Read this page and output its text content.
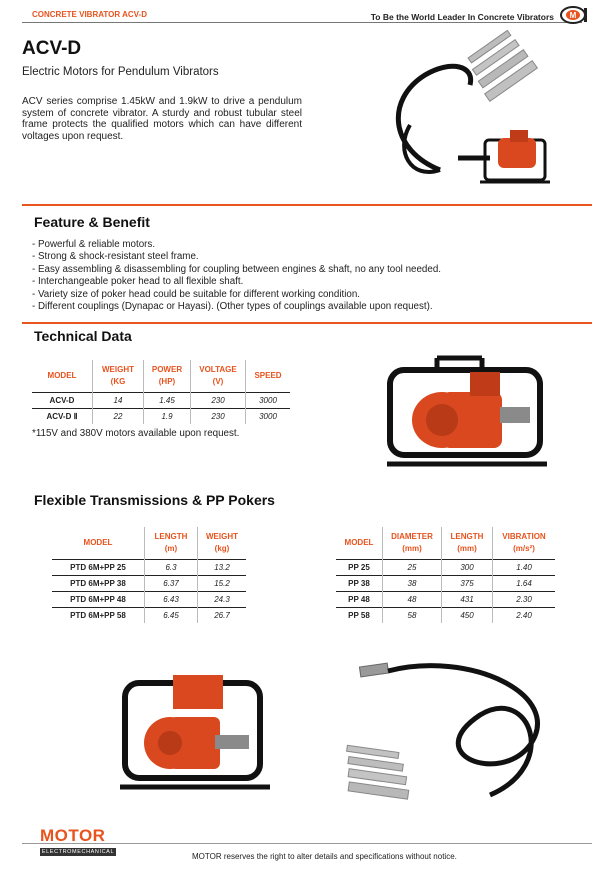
CONCRETE VIBRATOR ACV-D	To Be the World Leader In Concrete Vibrators M
ACV-D
Electric Motors for Pendulum Vibrators
ACV series comprise 1.45kW and 1.9kW to drive a pendulum system of concrete vibrator. A sturdy and robust tubular steel frame protects the qualified motors which can have different voltages upon request.
Feature & Benefit
- Powerful & reliable motors.
- Strong & shock-resistant steel frame.
- Easy assembling & disassembling for coupling between engines & shaft, no any tool needed.
- Interchangeable poker head to all flexible shaft.
- Variety size of poker head could be suitable for different working condition.
- Different couplings (Dynapac or Hayasi). (Other types of couplings available upon request).
Technical Data
MODEL	WEIGHT (KG	POWER (HP)	VOLTAGE (V)	SPEED
ACV-D	14	1.45	230	3000
ACV-D Ⅱ	22	1.9	230	3000
*115V and 380V motors available upon request.
Flexible Transmissions & PP Pokers
MODEL	LENGTH (m)	WEIGHT (kg)
PTD 6M+PP 25	6.3	13.2
PTD 6M+PP 38	6.37	15.2
PTD 6M+PP 48	6.43	24.3
PTD 6M+PP 58	6.45	26.7
MODEL	DIAMETER (mm)	LENGTH (mm)	VIBRATION (m/s²)
PP 25	25	300	1.40
PP 38	38	375	1.64
PP 48	48	431	2.30
PP 58	58	450	2.40
MOTOR
ELECTROMECHANICAL	MOTOR reserves the right to alter details and specifications without notice.
